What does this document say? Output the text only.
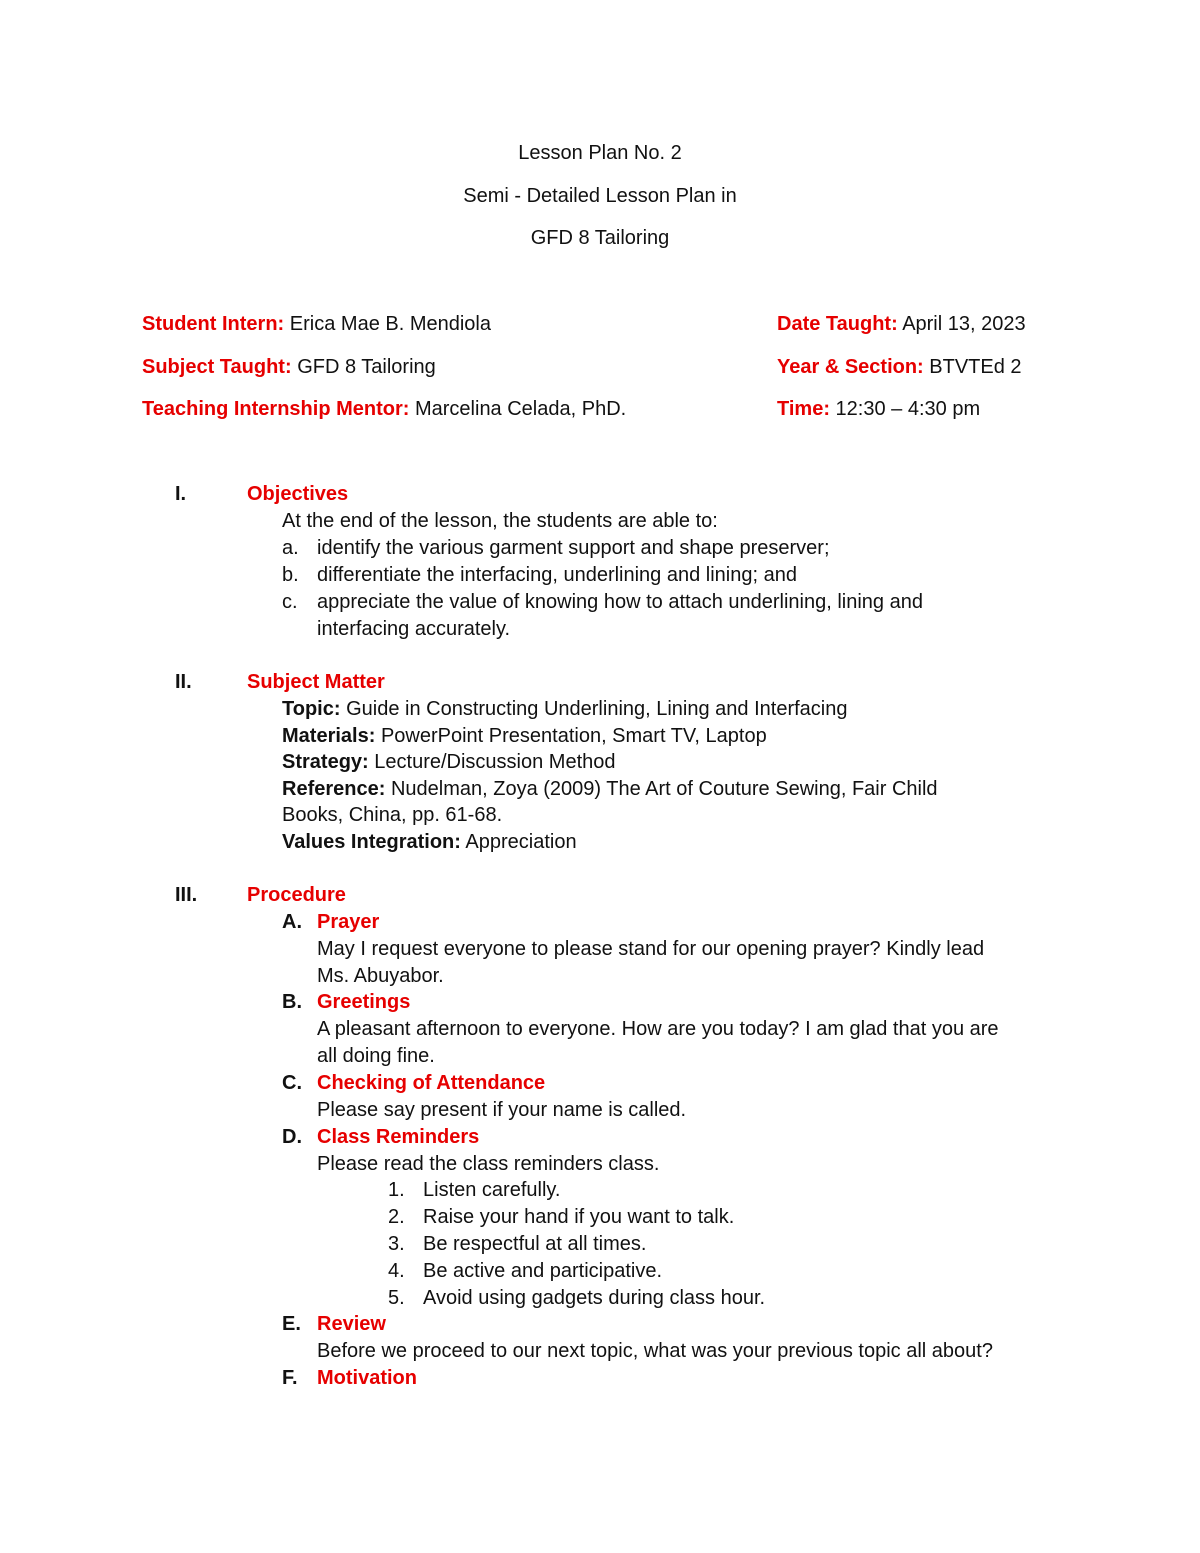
Lesson Plan No. 2
Semi - Detailed Lesson Plan in
GFD 8 Tailoring
Student Intern: Erica Mae B. Mendiola
Subject Taught: GFD 8 Tailoring
Teaching Internship Mentor: Marcelina Celada, PhD.
Date Taught: April 13, 2023
Year & Section: BTVTEd 2
Time: 12:30 – 4:30 pm
I.	Objectives
At the end of the lesson, the students are able to:
a. identify the various garment support and shape preserver;
b. differentiate the interfacing, underlining and lining; and
c. appreciate the value of knowing how to attach underlining, lining and
interfacing accurately.
II.	Subject Matter
Topic: Guide in Constructing Underlining, Lining and Interfacing
Materials: PowerPoint Presentation, Smart TV, Laptop
Strategy: Lecture/Discussion Method
Reference: Nudelman, Zoya (2009) The Art of Couture Sewing, Fair Child
Books, China, pp. 61-68.
Values Integration: Appreciation
III. Procedure
A. Prayer
May I request everyone to please stand for our opening prayer? Kindly lead
Ms. Abuyabor.
B. Greetings
A pleasant afternoon to everyone. How are you today? I am glad that you are
all doing fine.
C. Checking of Attendance
Please say present if your name is called.
D. Class Reminders
Please read the class reminders class.
1. Listen carefully.
2. Raise your hand if you want to talk.
3. Be respectful at all times.
4. Be active and participative.
5. Avoid using gadgets during class hour.
E. Review
Before we proceed to our next topic, what was your previous topic all about?
F. Motivation
